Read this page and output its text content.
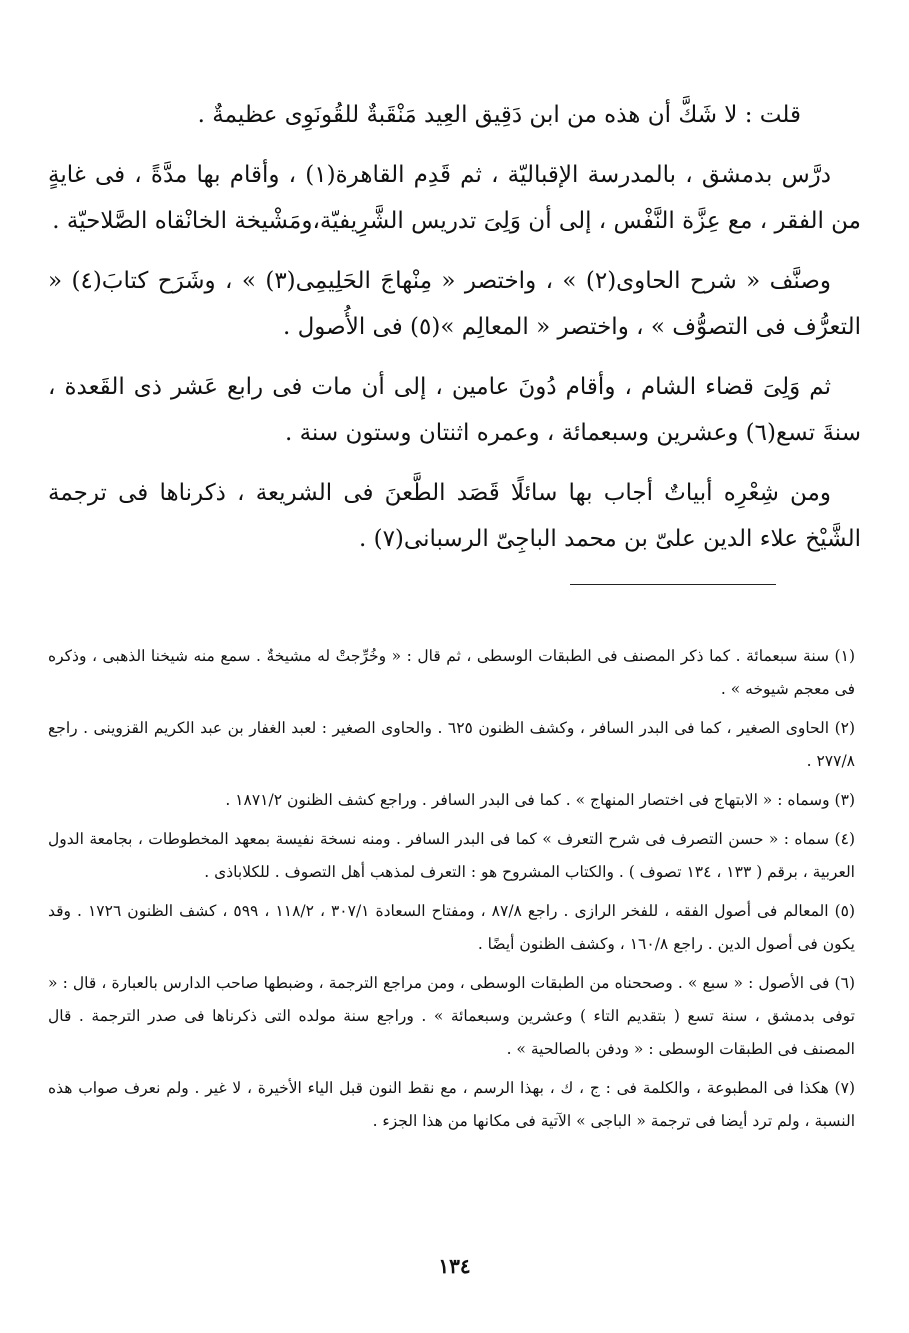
قلت : لا شَكَّ أن هذه من ابن دَقِيق العِيد مَنْقَبةٌ للقُونَوِى عظيمةٌ .

درَّس بدمشق ، بالمدرسة الإقباليّة ، ثم قَدِم القاهرة(١) ، وأقام بها مدَّةً ، فى غايةٍ من الفقر ، مع عِزَّة النَّفْس ، إلى أن وَلِىَ تدريس الشَّرِيفيّة،ومَشْيخة الخانْقاه الصَّلاحيّة .

وصنَّف « شرح الحاوى(٢) » ، واختصر « مِنْهاجَ الحَلِيمِى(٣) » ، وشَرَح كتابَ(٤) « التعرُّف فى التصوُّف » ، واختصر « المعالِم »(٥) فى الأُصول .

ثم وَلِىَ قضاء الشام ، وأقام دُونَ عامين ، إلى أن مات فى رابع عَشر ذى القَعدة ، سنةَ تسع(٦) وعشرين وسبعمائة ، وعمره اثنتان وستون سنة .

ومن شِعْرِه أبياتٌ أجاب بها سائلًا قَصَد الطَّعنَ فى الشريعة ، ذكرناها فى ترجمة الشَّيْخ علاء الدين علىّ بن محمد الباجِىّ الرسبانى(٧) .

(١) سنة سبعمائة . كما ذكر المصنف فى الطبقات الوسطى ، ثم قال : « وخُرِّجتْ له مشيخةٌ . سمع منه شيخنا الذهبى ، وذكره فى معجم شيوخه » .

(٢) الحاوى الصغير ، كما فى البدر السافر ، وكشف الظنون ٦٢٥ . والحاوى الصغير : لعبد الغفار بن عبد الكريم القزوينى . راجع ٢٧٧/٨ .

(٣) وسماه : « الابتهاج فى اختصار المنهاج » . كما فى البدر السافر . وراجع كشف الظنون ١٨٧١/٢ .

(٤) سماه : « حسن التصرف فى شرح التعرف » كما فى البدر السافر . ومنه نسخة نفيسة بمعهد المخطوطات ، بجامعة الدول العربية ، برقم ( ١٣٣ ، ١٣٤ تصوف ) . والكتاب المشروح هو : التعرف لمذهب أهل التصوف . للكلاباذى .

(٥) المعالم فى أصول الفقه ، للفخر الرازى . راجع ٨٧/٨ ، ومفتاح السعادة ٣٠٧/١ ، ١١٨/٢ ، ٥٩٩ ، كشف الظنون ١٧٢٦ . وقد يكون فى أصول الدين . راجع ١٦٠/٨ ، وكشف الظنون أيضًا .

(٦) فى الأصول : « سبع » . وصححناه من الطبقات الوسطى ، ومن مراجع الترجمة ، وضبطها صاحب الدارس بالعبارة ، قال : « توفى بدمشق ، سنة تسع ( بتقديم التاء ) وعشرين وسبعمائة » . وراجع سنة مولده التى ذكرناها فى صدر الترجمة . قال المصنف فى الطبقات الوسطى : « ودفن بالصالحية » .

(٧) هكذا فى المطبوعة ، والكلمة فى : ج ، ك ، بهذا الرسم ، مع نقط النون قبل الياء الأخيرة ، لا غير . ولم نعرف صواب هذه النسبة ، ولم ترد أيضا فى ترجمة « الباجى » الآتية فى مكانها من هذا الجزء .

١٣٤
